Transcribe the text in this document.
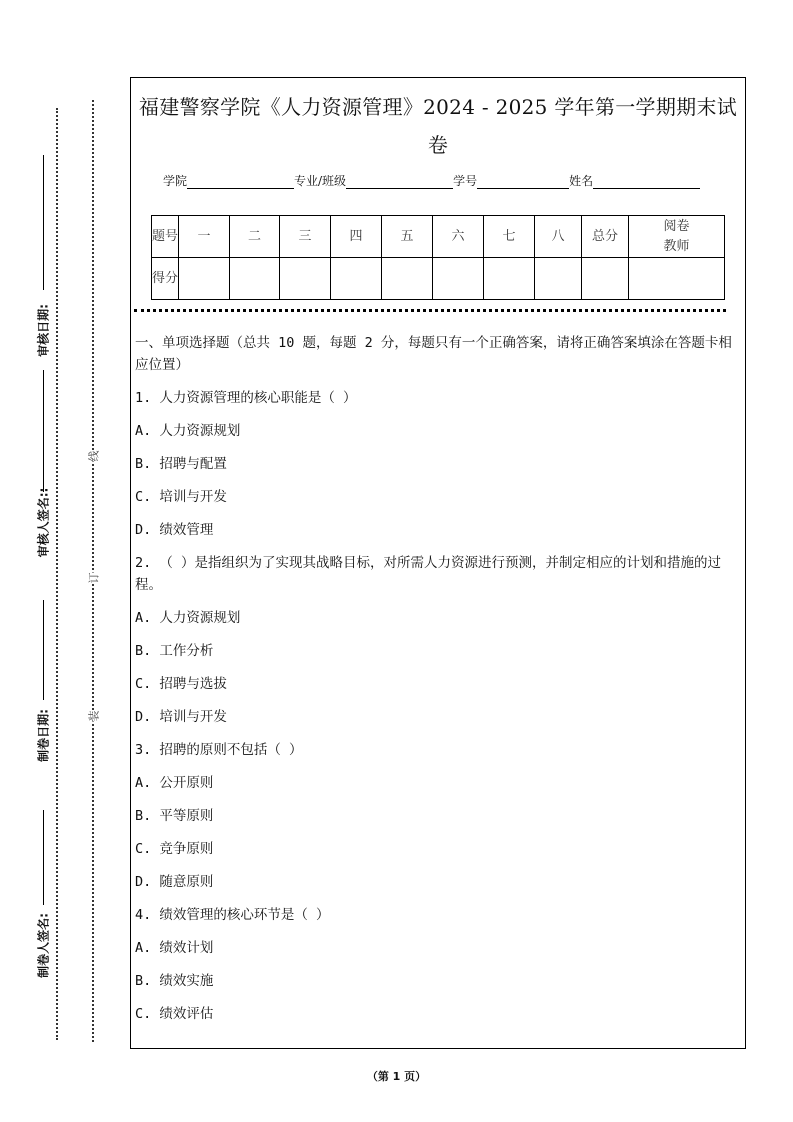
审核日期:
审核人签名::
制卷日期:
制卷人签名:
线
订
装
福建警察学院《人力资源管理》2024 - 2025 学年第一学期期末试
卷
学院	专业/班级	学号	姓名
题号	一	二	三	四	五	六	七	八	总分	阅卷教师
得分										
一、单项选择题（总共 10 题，每题 2 分，每题只有一个正确答案，请将正确答案填涂在答题卡相应位置）
1. 人力资源管理的核心职能是（ ）
A. 人力资源规划
B. 招聘与配置
C. 培训与开发
D. 绩效管理
2. （ ）是指组织为了实现其战略目标，对所需人力资源进行预测，并制定相应的计划和措施的过程。
A. 人力资源规划
B. 工作分析
C. 招聘与选拔
D. 培训与开发
3. 招聘的原则不包括（ ）
A. 公开原则
B. 平等原则
C. 竞争原则
D. 随意原则
4. 绩效管理的核心环节是（ ）
A. 绩效计划
B. 绩效实施
C. 绩效评估
（第 1 页）
